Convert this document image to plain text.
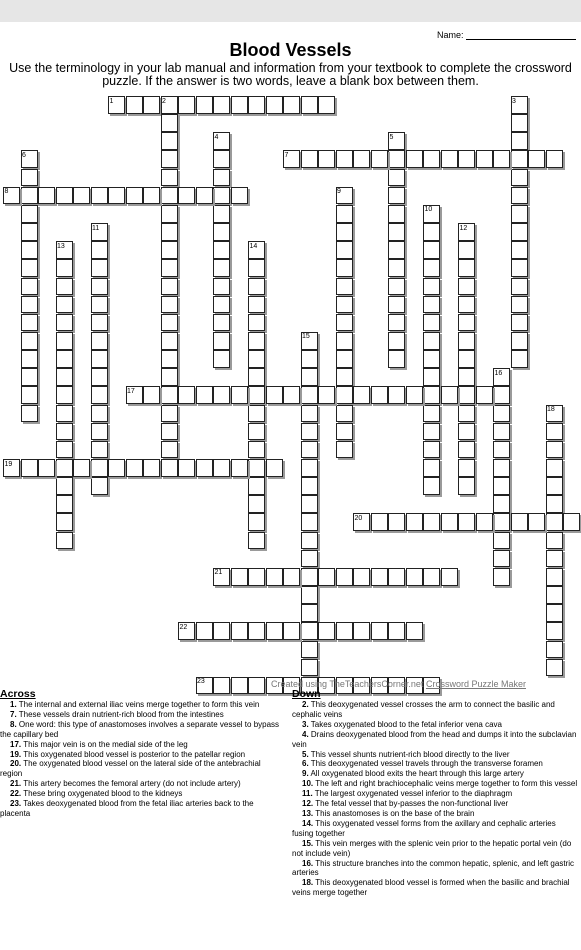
Name:
Blood Vessels
Use the terminology in your lab manual and information from your textbook to complete the crossword puzzle. If the answer is two words, leave a blank box between them.
1	2	3
4	5
6	7
8	9
10
11	12
13	14
15
16
17
18
19
20
21
22
23	Created using TheTeachersCorner.net Crossword Puzzle Maker
Across
1. The internal and external iliac veins merge together to form this vein
7. These vessels drain nutrient-rich blood from the intestines
8. One word: this type of anastomoses involves a separate vessel to bypass the capillary bed
17. This major vein is on the medial side of the leg
19. This oxygenated blood vessel is posterior to the patellar region
20. The oxygenated blood vessel on the lateral side of the antebrachial region
21. This artery becomes the femoral artery (do not include artery)
22. These bring oxygenated blood to the kidneys
23. Takes deoxygenated blood from the fetal iliac arteries back to the placenta
Down
2. This deoxygenated vessel crosses the arm to connect the basilic and cephalic veins
3. Takes oxygenated blood to the fetal inferior vena cava
4. Drains deoxygenated blood from the head and dumps it into the subclavian vein
5. This vessel shunts nutrient-rich blood directly to the liver
6. This deoxygenated vessel travels through the transverse foramen
9. All oxygenated blood exits the heart through this large artery
10. The left and right brachiocephalic veins merge together to form this vessel
11. The largest oxygenated vessel inferior to the diaphragm
12. The fetal vessel that by-passes the non-functional liver
13. This anastomoses is on the base of the brain
14. This oxygenated vessel forms from the axillary and cephalic arteries fusing together
15. This vein merges with the splenic vein prior to the hepatic portal vein (do not include vein)
16. This structure branches into the common hepatic, splenic, and left gastric arteries
18. This deoxygenated blood vessel is formed when the basilic and brachial veins merge together
